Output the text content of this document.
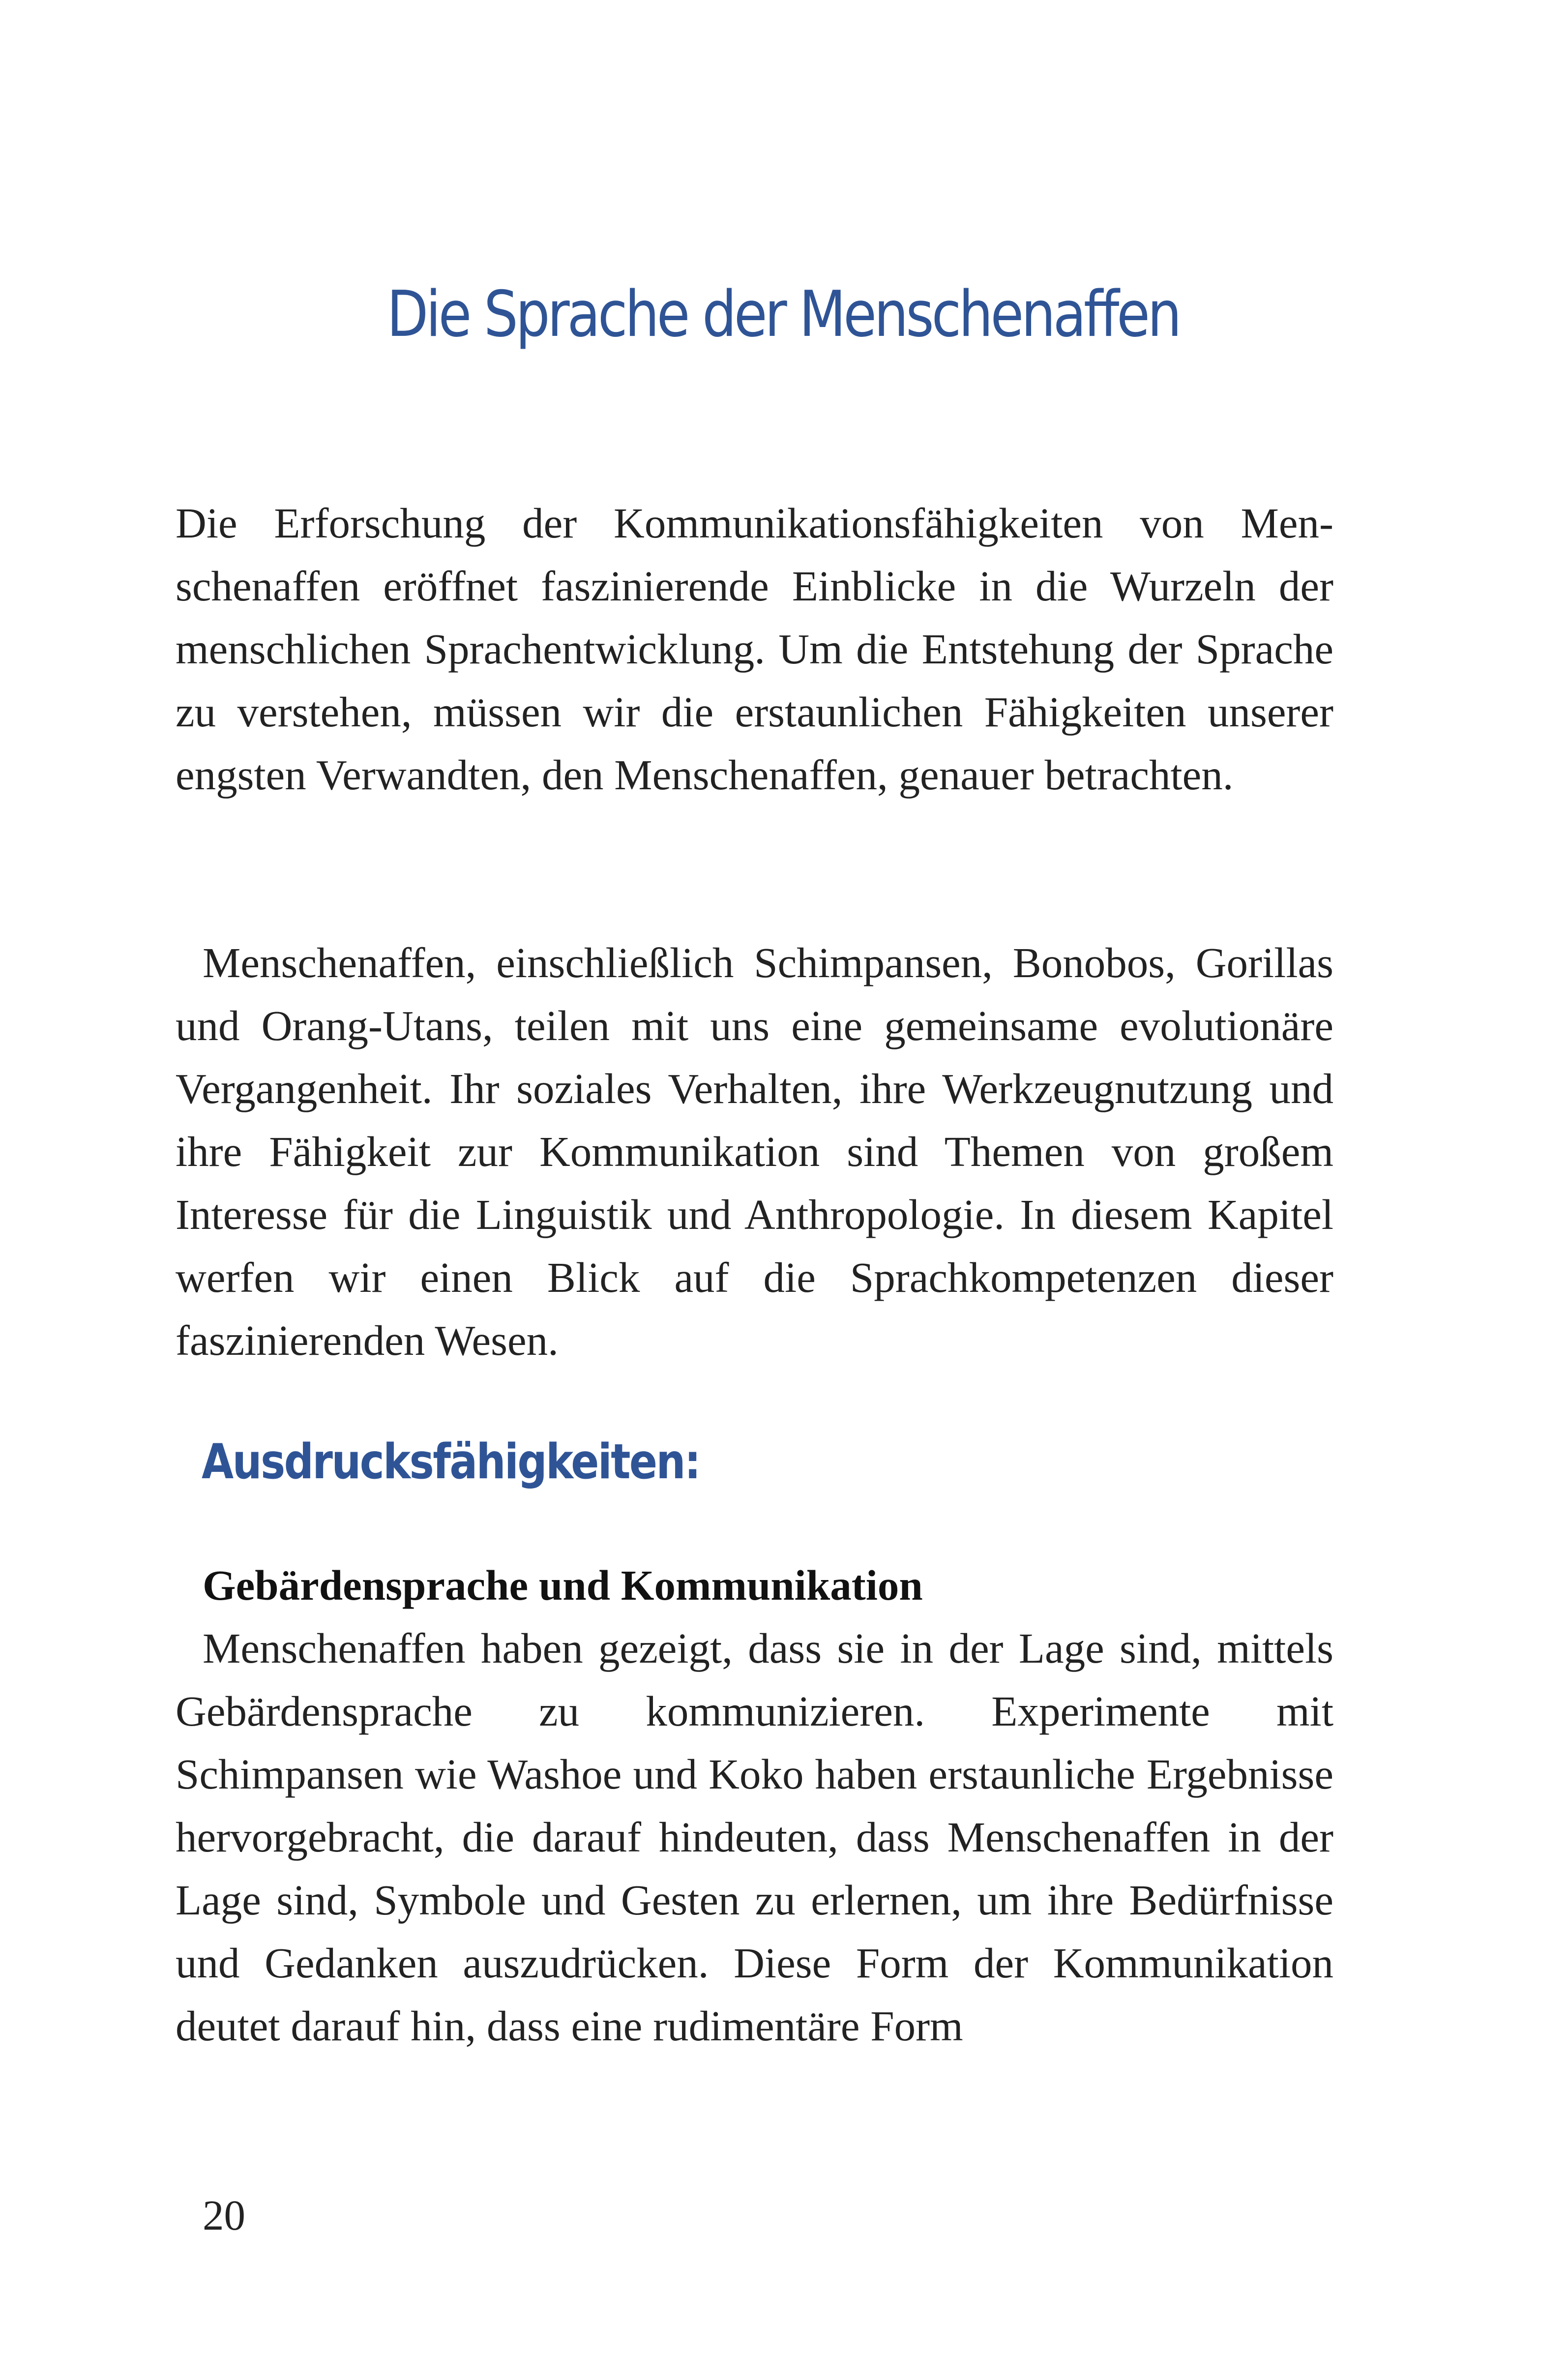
Die Sprache der Menschenaffen

Die Erforschung der Kommunikationsfähigkeiten von Menschenaffen eröffnet faszinierende Einblicke in die Wurzeln der menschlichen Sprachentwicklung. Um die Entstehung der Sprache zu verstehen, müssen wir die erstaunlichen Fähigkeiten unserer engsten Verwandten, den Menschenaffen, genauer betrachten.

Menschenaffen, einschließlich Schimpansen, Bonobos, Gorillas und Orang-Utans, teilen mit uns eine gemeinsame evolutionäre Vergangenheit. Ihr soziales Verhalten, ihre Werkzeugnutzung und ihre Fähigkeit zur Kommunikation sind Themen von großem Interesse für die Linguistik und Anthropologie. In diesem Kapitel werfen wir einen Blick auf die Sprachkompetenzen dieser faszinierenden Wesen.

Ausdrucksfähigkeiten:
Gebärdensprache und Kommunikation

Menschenaffen haben gezeigt, dass sie in der Lage sind, mittels Gebärdensprache zu kommunizieren. Experimente mit Schimpansen wie Washoe und Koko haben erstaunliche Ergebnisse hervorgebracht, die darauf hindeuten, dass Menschenaffen in der Lage sind, Symbole und Gesten zu erlernen, um ihre Bedürfnisse und Gedanken auszudrücken. Diese Form der Kommunikation deutet darauf hin, dass eine rudimentäre Form

20
